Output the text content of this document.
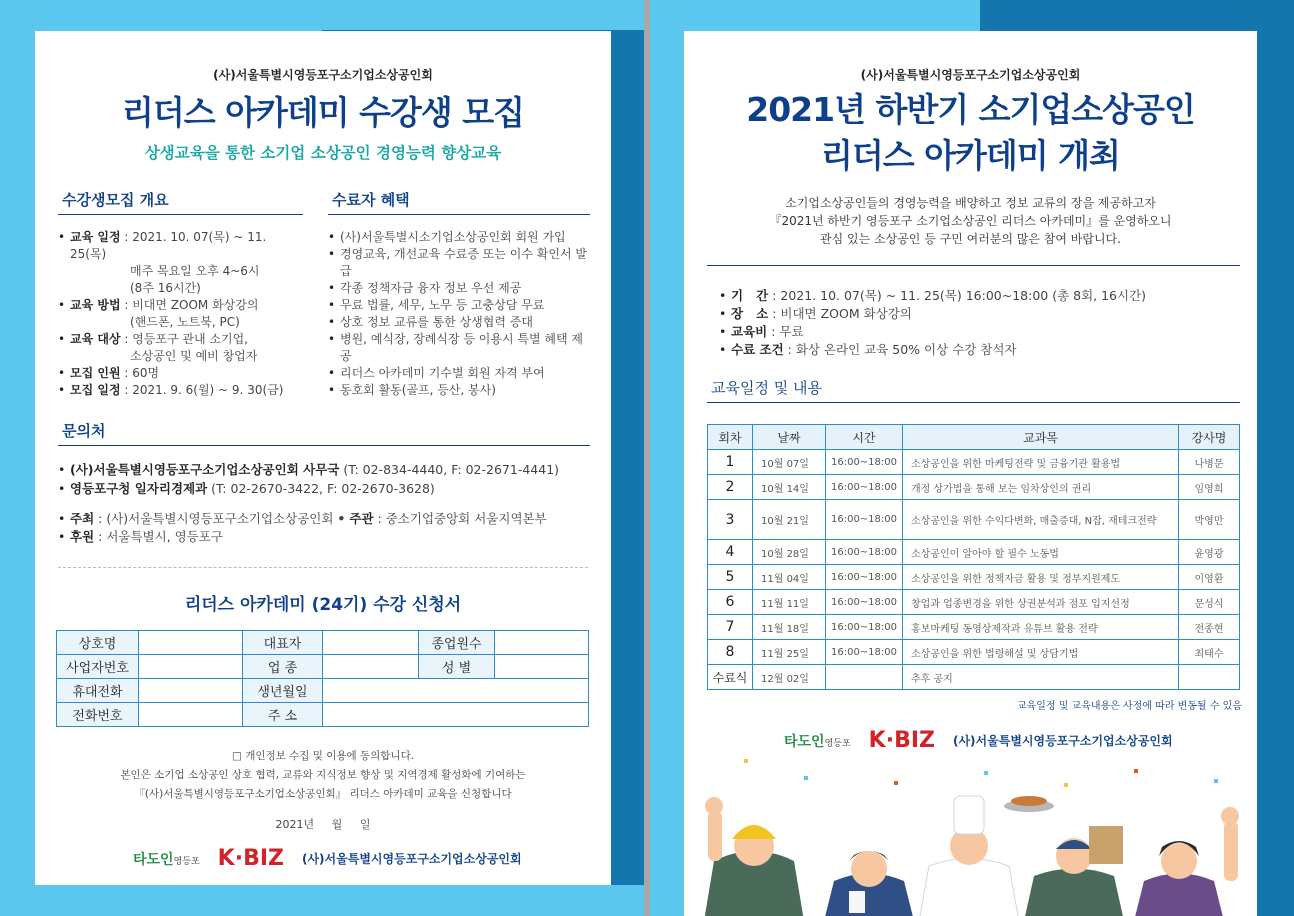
(사)서울특별시영등포구소기업소상공인회
리더스 아카데미 수강생 모집
상생교육을 통한 소기업 소상공인 경영능력 향상교육
수강생모집 개요
• 교육 일정 : 2021. 10. 07(목) ~ 11. 25(목)
매주 목요일 오후 4~6시
(8주 16시간)
• 교육 방법 : 비대면 ZOOM 화상강의
(핸드폰, 노트북, PC)
• 교육 대상 : 영등포구 관내 소기업,
소상공인 및 예비 창업자
• 모집 인원 : 60명
• 모집 일정 : 2021. 9. 6(월) ~ 9. 30(금)
수료자 혜택
• (사)서울특별시소기업소상공인회 회원 가입
• 경영교육, 개선교육 수료증 또는 이수 확인서 발급
• 각종 정책자금 융자 정보 우선 제공
• 무료 법률, 세무, 노무 등 고충상담 무료
• 상호 정보 교류를 통한 상생협력 증대
• 병원, 예식장, 장례식장 등 이용시 특별 혜택 제공
• 리더스 아카데미 기수별 회원 자격 부여
• 동호회 활동(골프, 등산, 봉사)
문의처
• (사)서울특별시영등포구소기업소상공인회 사무국 (T: 02-834-4440, F: 02-2671-4441)
• 영등포구청 일자리경제과 (T: 02-2670-3422, F: 02-2670-3628)
• 주최 : (사)서울특별시영등포구소기업소상공인회 • 주관 : 중소기업중앙회 서울지역본부
• 후원 : 서울특별시, 영등포구
리더스 아카데미 (24기) 수강 신청서
상호명		대표자		종업원수	
사업자번호		업 종		성 별	
휴대전화		생년월일			
전화번호		주 소			
□ 개인정보 수집 및 이용에 동의합니다.
본인은 소기업 소상공인 상호 협력, 교류와 지식정보 향상 및 지역경제 활성화에 기여하는
『(사)서울특별시영등포구소기업소상공인회』 리더스 아카데미 교육을 신청합니다
2021년 월 일
타도인영등포 K·BIZ (사)서울특별시영등포구소기업소상공인회
(사)서울특별시영등포구소기업소상공인회
2021년 하반기 소기업소상공인
리더스 아카데미 개최
소기업소상공인들의 경영능력을 배양하고 정보 교류의 장을 제공하고자
『2021년 하반기 영등포구 소기업소상공인 리더스 아카데미』를 운영하오니
관심 있는 소상공인 등 구민 여러분의 많은 참여 바랍니다.
• 기   간 : 2021. 10. 07(목) ~ 11. 25(목) 16:00~18:00 (총 8회, 16시간)
• 장   소 : 비대면 ZOOM 화상강의
• 교육비 : 무료
• 수료 조건 : 화상 온라인 교육 50% 이상 수강 참석자
교육일정 및 내용
회차	날짜	시간	교과목	강사명
1	10월 07일	16:00~18:00	소상공인을 위한 마케팅전략 및 금융기관 활용법	나병문
2	10월 14일	16:00~18:00	개정 상가법을 통해 보는 임차상인의 권리	임영희
3	10월 21일	16:00~18:00	소상공인을 위한 수익다변화, 매출증대, N잡, 재테크전략	박영만
4	10월 28일	16:00~18:00	소상공인이 알아야 할 필수 노동법	윤영광
5	11월 04일	16:00~18:00	소상공인을 위한 정책자금 활용 및 정부지원제도	이영환
6	11월 11일	16:00~18:00	창업과 업종변경을 위한 상권분석과 점포 입지선정	문성식
7	11월 18일	16:00~18:00	홍보마케팅 동영상제작과 유튜브 활용 전략	전종현
8	11월 25일	16:00~18:00	소상공인을 위한 법령해설 및 상담기법	최태수
수료식	12월 02일		추후 공지	
교육일정 및 교육내용은 사정에 따라 변동될 수 있음
타도인영등포 K·BIZ (사)서울특별시영등포구소기업소상공인회
